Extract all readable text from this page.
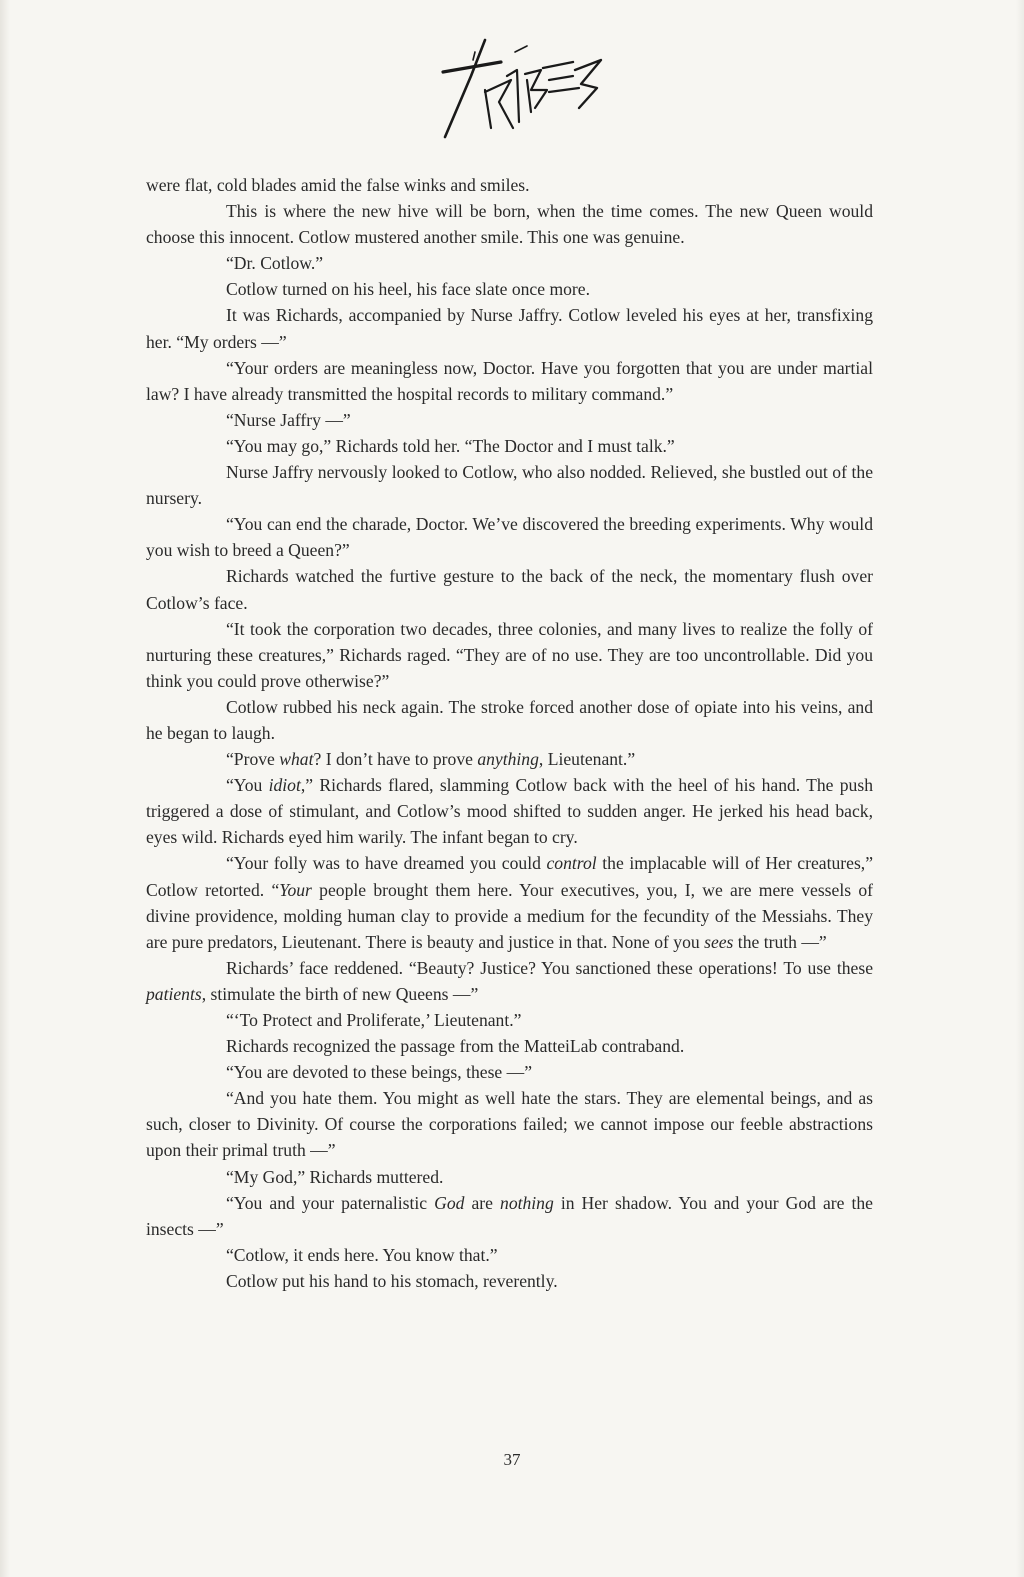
were flat, cold blades amid the false winks and smiles.

This is where the new hive will be born, when the time comes. The new Queen would choose this innocent. Cotlow mustered another smile. This one was genuine.

“Dr. Cotlow.”

Cotlow turned on his heel, his face slate once more.

It was Richards, accompanied by Nurse Jaffry. Cotlow leveled his eyes at her, transfixing her. “My orders —”

“Your orders are meaningless now, Doctor. Have you forgotten that you are under martial law? I have already transmitted the hospital records to military command.”

“Nurse Jaffry —”

“You may go,” Richards told her. “The Doctor and I must talk.”

Nurse Jaffry nervously looked to Cotlow, who also nodded. Relieved, she bustled out of the nursery.

“You can end the charade, Doctor. We’ve discovered the breeding experiments. Why would you wish to breed a Queen?”

Richards watched the furtive gesture to the back of the neck, the momentary flush over Cotlow’s face.

“It took the corporation two decades, three colonies, and many lives to realize the folly of nurturing these creatures,” Richards raged. “They are of no use. They are too uncontrollable. Did you think you could prove otherwise?”

Cotlow rubbed his neck again. The stroke forced another dose of opiate into his veins, and he began to laugh.

“Prove what? I don’t have to prove anything, Lieutenant.”

“You idiot,” Richards flared, slamming Cotlow back with the heel of his hand. The push triggered a dose of stimulant, and Cotlow’s mood shifted to sudden anger. He jerked his head back, eyes wild. Richards eyed him warily. The infant began to cry.

“Your folly was to have dreamed you could control the implacable will of Her creatures,” Cotlow retorted. “Your people brought them here. Your executives, you, I, we are mere vessels of divine providence, molding human clay to provide a medium for the fecundity of the Messiahs. They are pure predators, Lieutenant. There is beauty and justice in that. None of you sees the truth —”

Richards’ face reddened. “Beauty? Justice? You sanctioned these operations! To use these patients, stimulate the birth of new Queens —”

“‘To Protect and Proliferate,’ Lieutenant.”

Richards recognized the passage from the MatteiLab contraband.

“You are devoted to these beings, these —”

“And you hate them. You might as well hate the stars. They are elemental beings, and as such, closer to Divinity. Of course the corporations failed; we cannot impose our feeble abstractions upon their primal truth —”

“My God,” Richards muttered.

“You and your paternalistic God are nothing in Her shadow. You and your God are the insects —”

“Cotlow, it ends here. You know that.”

Cotlow put his hand to his stomach, reverently.

37
